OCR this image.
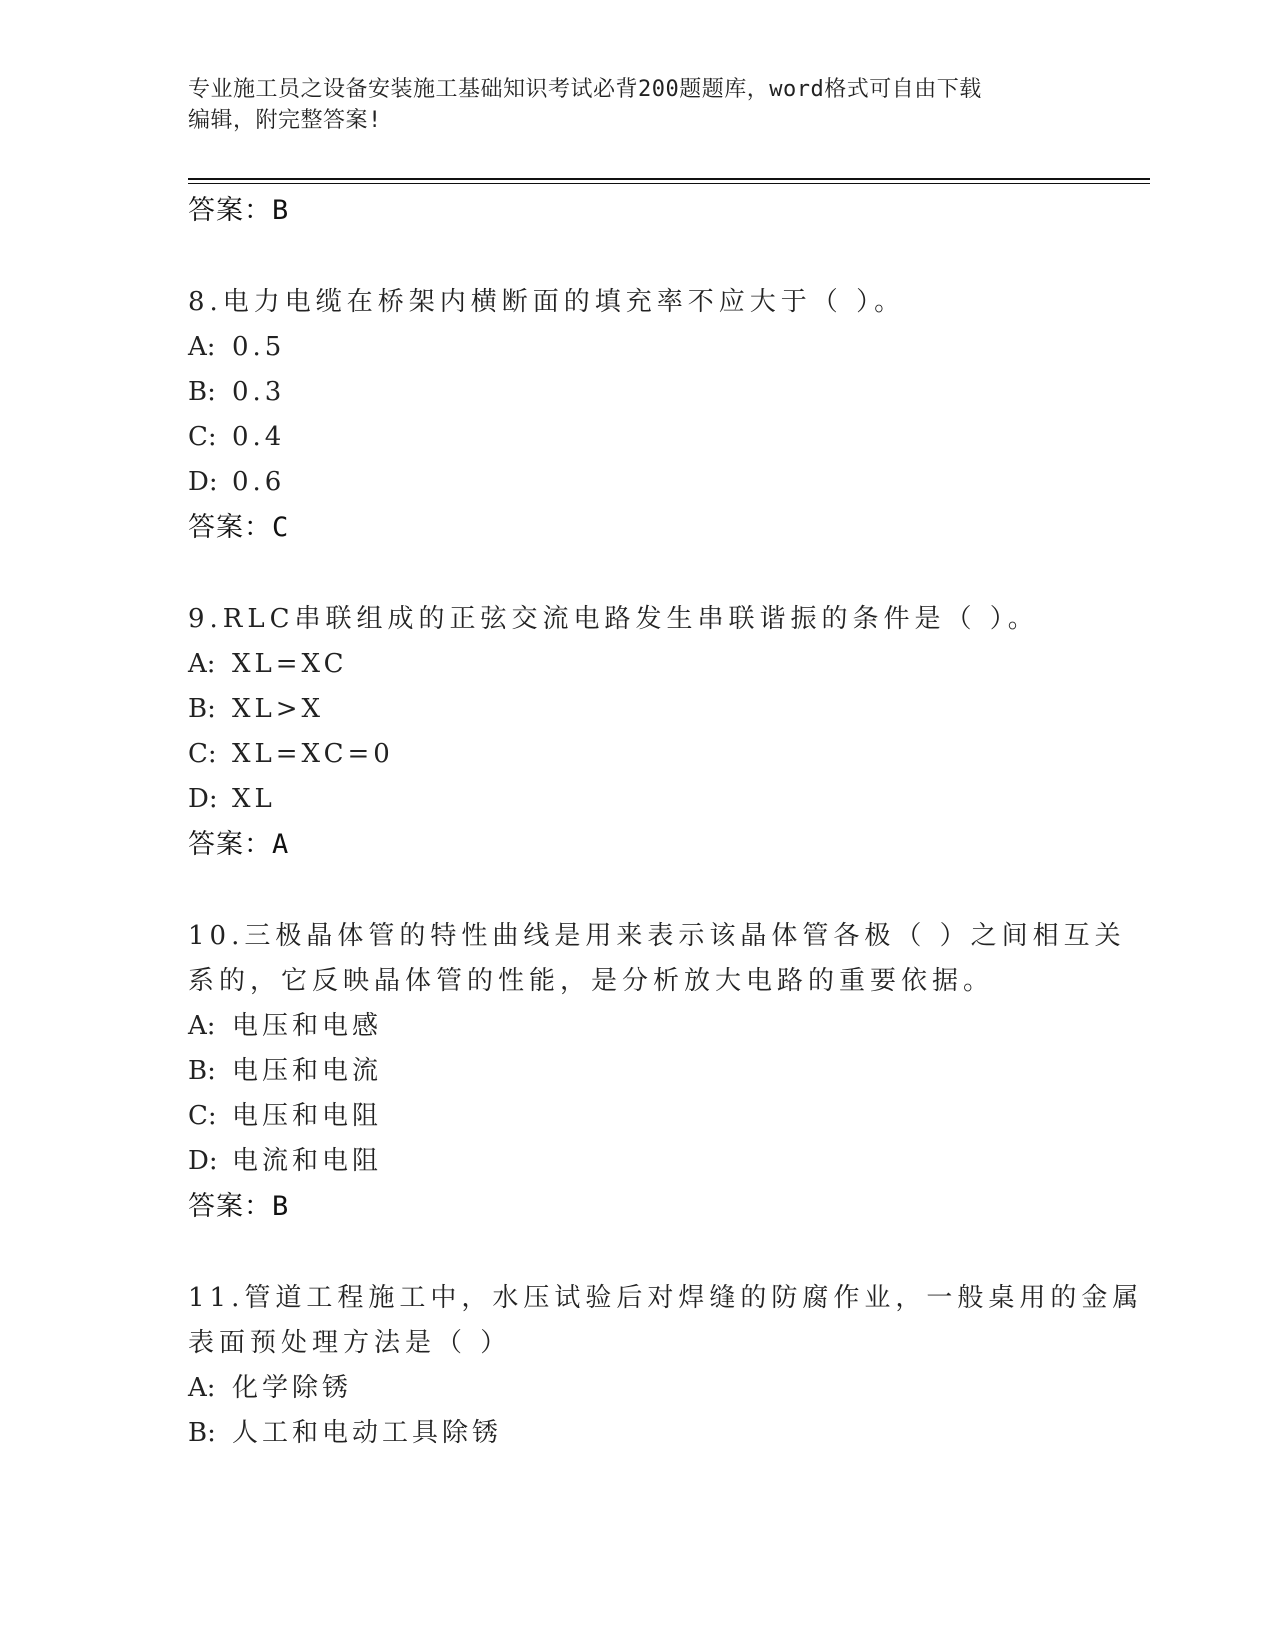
专业施工员之设备安装施工基础知识考试必背200题题库，word格式可自由下载
编辑，附完整答案!
答案：B
8.电力电缆在桥架内横断面的填充率不应大于（ ）。
A: 0.5
B: 0.3
C: 0.4
D: 0.6
答案：C
9.RLC串联组成的正弦交流电路发生串联谐振的条件是（ ）。
A: XL=XC
B: XL>X
C: XL=XC=0
D: XL
答案：A
10.三极晶体管的特性曲线是用来表示该晶体管各极（ ）之间相互关
系的，它反映晶体管的性能，是分析放大电路的重要依据。
A: 电压和电感
B: 电压和电流
C: 电压和电阻
D: 电流和电阻
答案：B
11.管道工程施工中，水压试验后对焊缝的防腐作业，一般桌用的金属
表面预处理方法是（ ）
A: 化学除锈
B: 人工和电动工具除锈
